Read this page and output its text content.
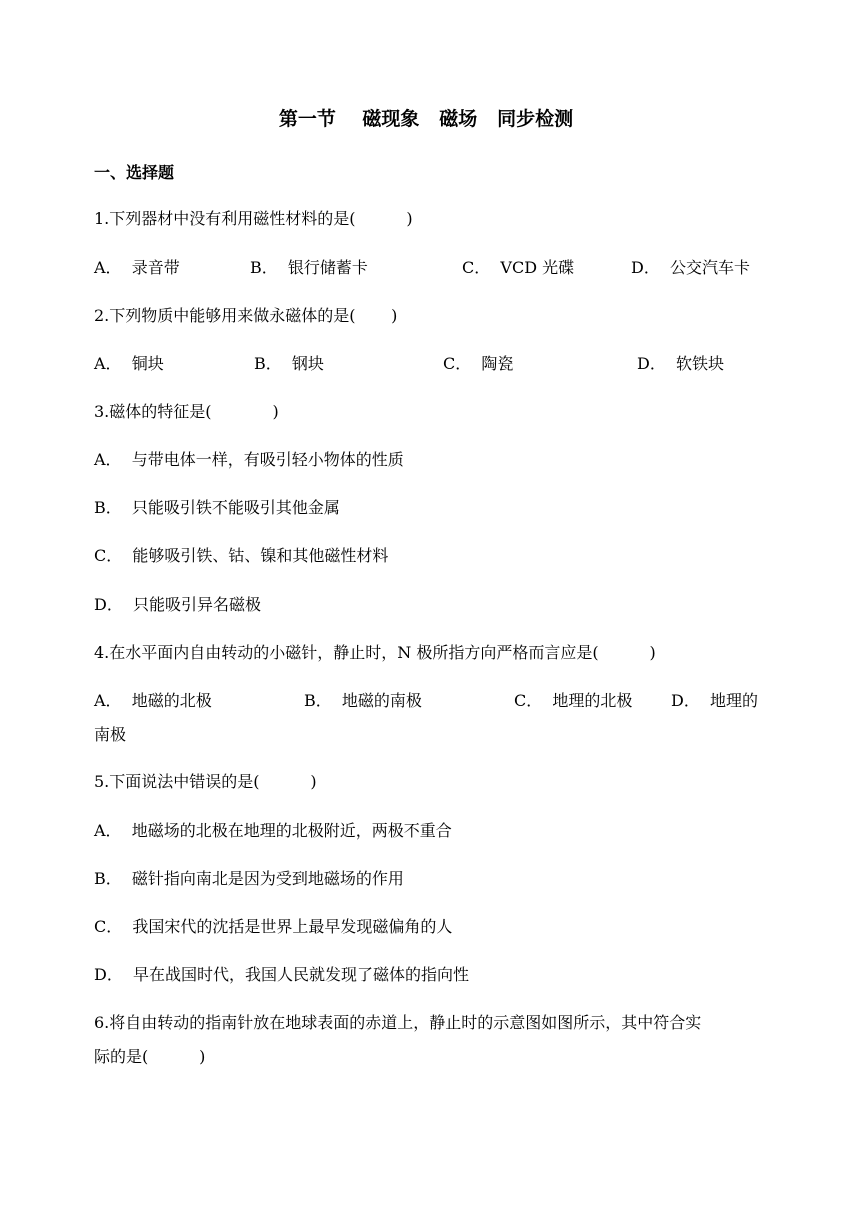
第一节    磁现象   磁场   同步检测
一、选择题
1.下列器材中没有利用磁性材料的是(          )
A．  录音带	B．  银行储蓄卡	C．  VCD 光碟	D．  公交汽车卡
2.下列物质中能够用来做永磁体的是(       )
A．  铜块	B．  钢块	C．  陶瓷	D．  软铁块
3.磁体的特征是(            )
A．  与带电体一样，有吸引轻小物体的性质
B．  只能吸引铁不能吸引其他金属
C．  能够吸引铁、钴、镍和其他磁性材料
D．  只能吸引异名磁极
4.在水平面内自由转动的小磁针，静止时，N 极所指方向严格而言应是(          )
A．  地磁的北极	B．  地磁的南极	C．  地理的北极 D．  地理的
南极
5.下面说法中错误的是(          )
A．  地磁场的北极在地理的北极附近，两极不重合
B．  磁针指向南北是因为受到地磁场的作用
C．  我国宋代的沈括是世界上最早发现磁偏角的人
D．  早在战国时代，我国人民就发现了磁体的指向性
6.将自由转动的指南针放在地球表面的赤道上，静止时的示意图如图所示，其中符合实
际的是(          )
